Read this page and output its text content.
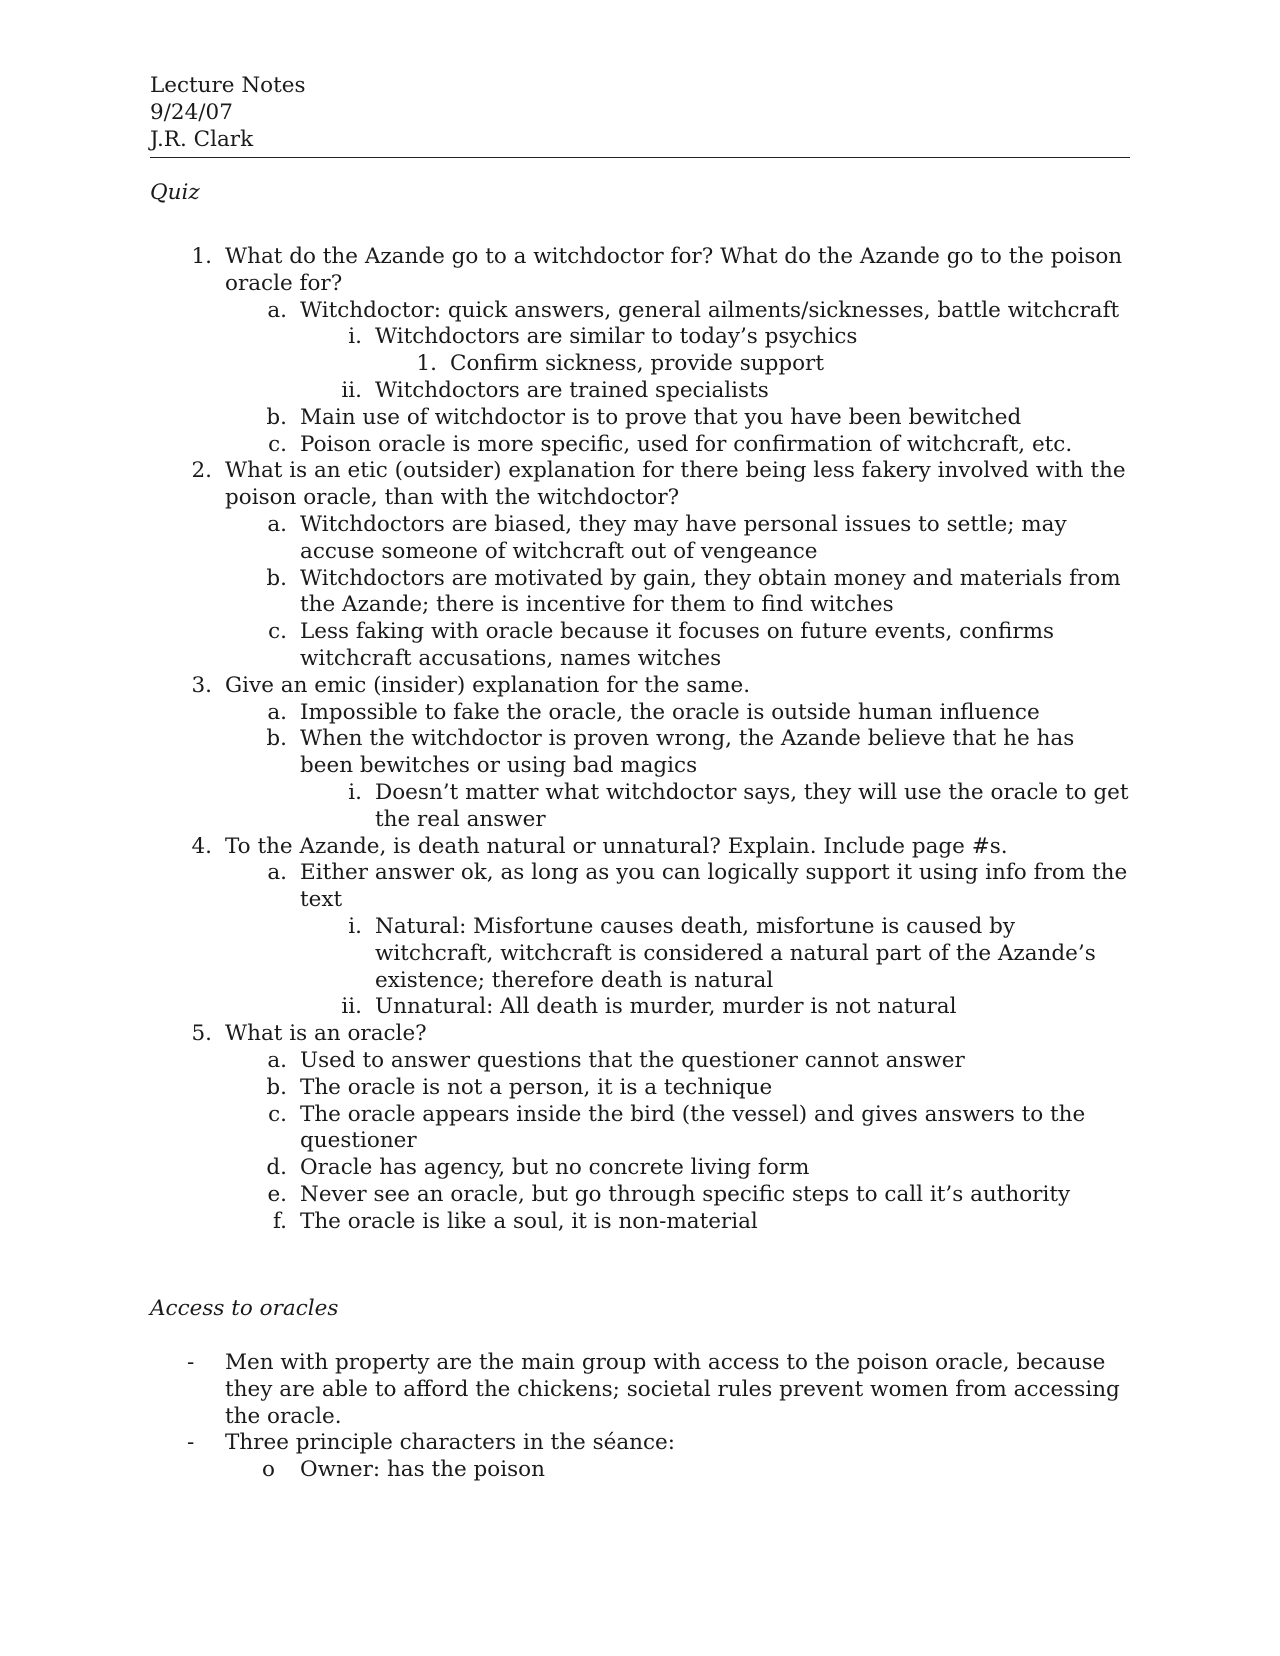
Lecture Notes
9/24/07
J.R. Clark
Quiz
1. What do the Azande go to a witchdoctor for? What do the Azande go to the poison oracle for?
a. Witchdoctor: quick answers, general ailments/sicknesses, battle witchcraft
i. Witchdoctors are similar to today’s psychics
1. Confirm sickness, provide support
ii. Witchdoctors are trained specialists
b. Main use of witchdoctor is to prove that you have been bewitched
c. Poison oracle is more specific, used for confirmation of witchcraft, etc.
2. What is an etic (outsider) explanation for there being less fakery involved with the poison oracle, than with the witchdoctor?
a. Witchdoctors are biased, they may have personal issues to settle; may accuse someone of witchcraft out of vengeance
b. Witchdoctors are motivated by gain, they obtain money and materials from the Azande; there is incentive for them to find witches
c. Less faking with oracle because it focuses on future events, confirms witchcraft accusations, names witches
3. Give an emic (insider) explanation for the same.
a. Impossible to fake the oracle, the oracle is outside human influence
b. When the witchdoctor is proven wrong, the Azande believe that he has been bewitches or using bad magics
i. Doesn’t matter what witchdoctor says, they will use the oracle to get the real answer
4. To the Azande, is death natural or unnatural? Explain. Include page #s.
a. Either answer ok, as long as you can logically support it using info from the text
i. Natural: Misfortune causes death, misfortune is caused by witchcraft, witchcraft is considered a natural part of the Azande’s existence; therefore death is natural
ii. Unnatural: All death is murder, murder is not natural
5. What is an oracle?
a. Used to answer questions that the questioner cannot answer
b. The oracle is not a person, it is a technique
c. The oracle appears inside the bird (the vessel) and gives answers to the questioner
d. Oracle has agency, but no concrete living form
e. Never see an oracle, but go through specific steps to call it’s authority
f. The oracle is like a soul, it is non-material
Access to oracles
- Men with property are the main group with access to the poison oracle, because they are able to afford the chickens; societal rules prevent women from accessing the oracle.
- Three principle characters in the séance:
o Owner: has the poison
